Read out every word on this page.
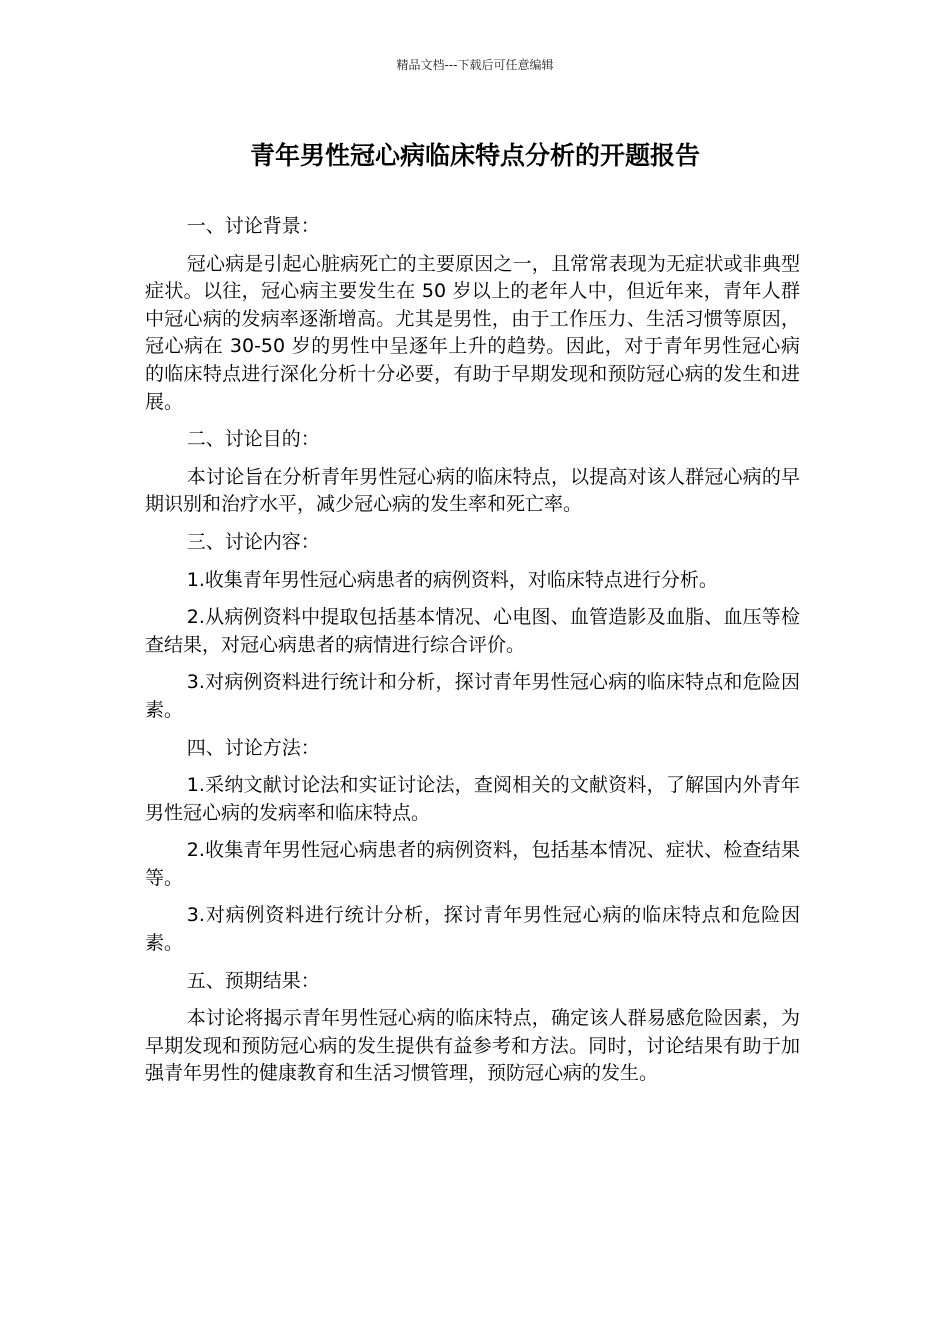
精品文档---下载后可任意编辑
青年男性冠心病临床特点分析的开题报告

一、讨论背景：

冠心病是引起心脏病死亡的主要原因之一，且常常表现为无症状或非典型症状。以往，冠心病主要发生在 50 岁以上的老年人中，但近年来，青年人群中冠心病的发病率逐渐增高。尤其是男性，由于工作压力、生活习惯等原因，冠心病在 30-50 岁的男性中呈逐年上升的趋势。因此，对于青年男性冠心病的临床特点进行深化分析十分必要，有助于早期发现和预防冠心病的发生和进展。

二、讨论目的：

本讨论旨在分析青年男性冠心病的临床特点，以提高对该人群冠心病的早期识别和治疗水平，减少冠心病的发生率和死亡率。

三、讨论内容：

1.收集青年男性冠心病患者的病例资料，对临床特点进行分析。

2.从病例资料中提取包括基本情况、心电图、血管造影及血脂、血压等检查结果，对冠心病患者的病情进行综合评价。

3.对病例资料进行统计和分析，探讨青年男性冠心病的临床特点和危险因素。

四、讨论方法：

1.采纳文献讨论法和实证讨论法，查阅相关的文献资料，了解国内外青年男性冠心病的发病率和临床特点。

2.收集青年男性冠心病患者的病例资料，包括基本情况、症状、检查结果等。

3.对病例资料进行统计分析，探讨青年男性冠心病的临床特点和危险因素。

五、预期结果：

本讨论将揭示青年男性冠心病的临床特点，确定该人群易感危险因素，为早期发现和预防冠心病的发生提供有益参考和方法。同时，讨论结果有助于加强青年男性的健康教育和生活习惯管理，预防冠心病的发生。
